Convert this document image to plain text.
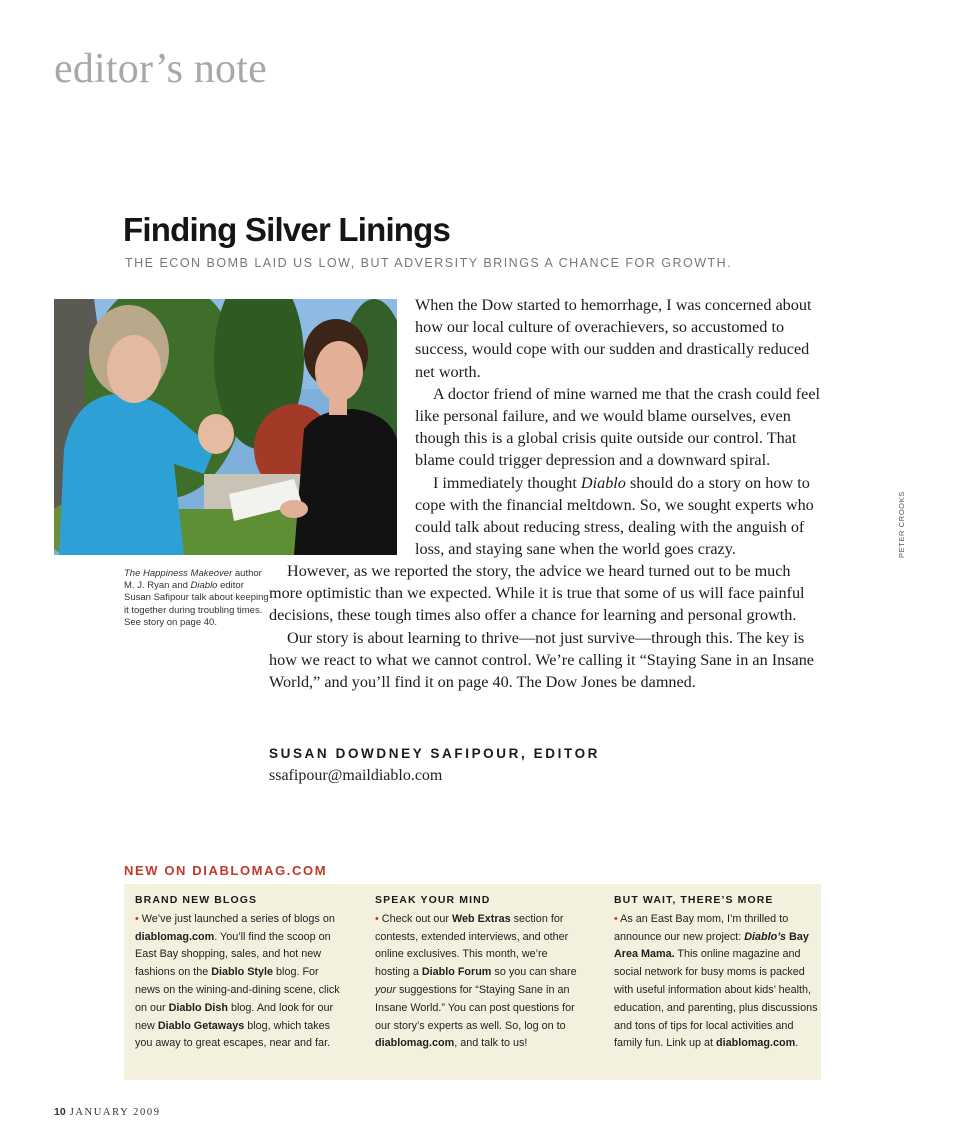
editor’s note
Finding Silver Linings
THE ECON BOMB LAID US LOW, BUT ADVERSITY BRINGS A CHANCE FOR GROWTH.
The Happiness Makeover author M. J. Ryan and Diablo editor Susan Safipour talk about keeping it together during troubling times. See story on page 40.
PETER CROOKS

When the Dow started to hemorrhage, I was concerned about how our local culture of overachievers, so accustomed to success, would cope with our sudden and drastically reduced net worth.

A doctor friend of mine warned me that the crash could feel like personal failure, and we would blame ourselves, even though this is a global crisis quite outside our control. That blame could trigger depression and a downward spiral.

I immediately thought Diablo should do a story on how to cope with the financial meltdown. So, we sought experts who could talk about reducing stress, dealing with the anguish of loss, and staying sane when the world goes crazy.

However, as we reported the story, the advice we heard turned out to be much more optimistic than we expected. While it is true that some of us will face painful decisions, these tough times also offer a chance for learning and personal growth.

Our story is about learning to thrive—not just survive—through this. The key is how we react to what we cannot control. We’re calling it “Staying Sane in an Insane World,” and you’ll find it on page 40. The Dow Jones be damned.

SUSAN DOWDNEY SAFIPOUR, EDITOR
ssafipour@maildiablo.com
NEW ON DIABLOMAG.COM
BRAND NEW BLOGS

• We’ve just launched a series of blogs on diablomag.com. You’ll find the scoop on East Bay shopping, sales, and hot new fashions on the Diablo Style blog. For news on the wining-and-dining scene, click on our Diablo Dish blog. And look for our new Diablo Getaways blog, which takes you away to great escapes, near and far.

SPEAK YOUR MIND

• Check out our Web Extras section for contests, extended interviews, and other online exclusives. This month, we’re hosting a Diablo Forum so you can share your suggestions for “Staying Sane in an Insane World.” You can post questions for our story’s experts as well. So, log on to diablomag.com, and talk to us!

BUT WAIT, THERE’S MORE

• As an East Bay mom, I’m thrilled to announce our new project: Diablo’s Bay Area Mama. This online magazine and social network for busy moms is packed with useful information about kids’ health, education, and parenting, plus discussions and tons of tips for local activities and family fun. Link up at diablomag.com.

10 JANUARY 2009
